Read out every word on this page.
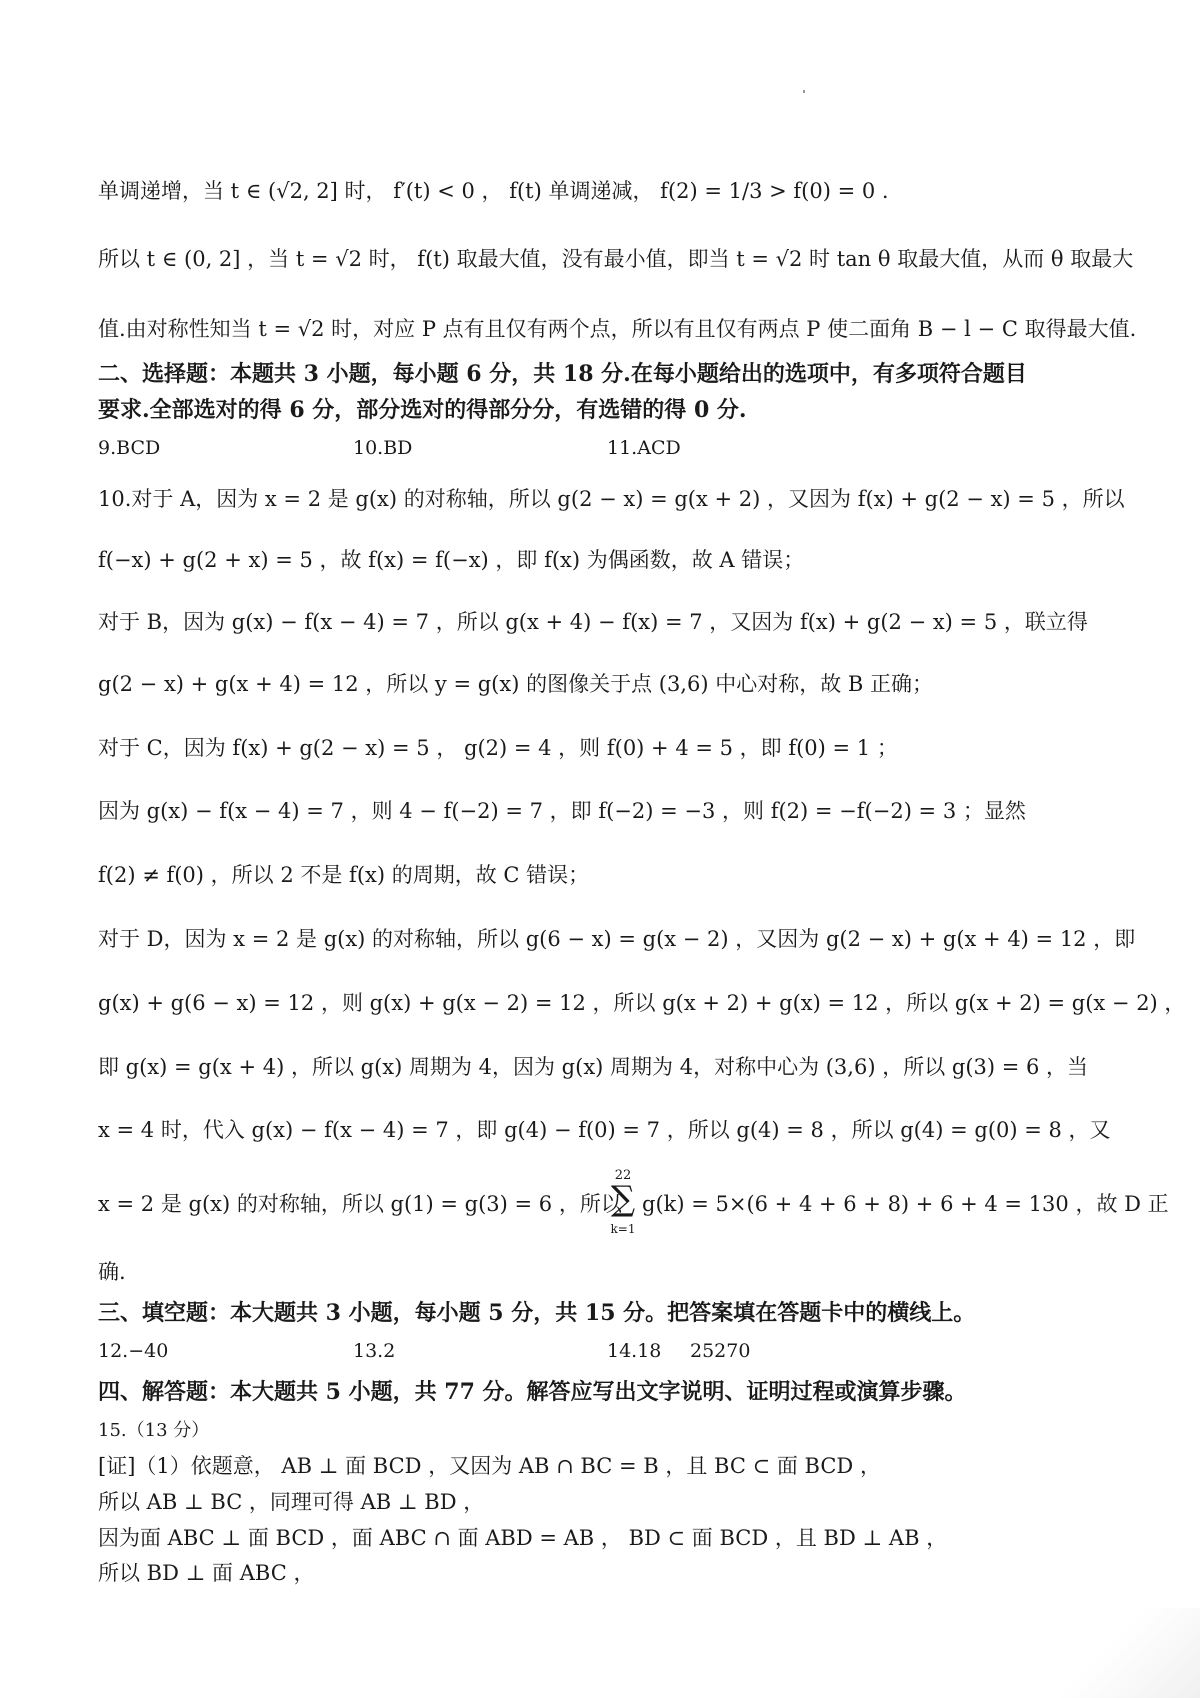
单调递增，当 t ∈ (√2, 2] 时， f′(t) < 0 ， f(t) 单调递减， f(2) = 1/3 > f(0) = 0 .
所以 t ∈ (0, 2] ，当 t = √2 时， f(t) 取最大值，没有最小值，即当 t = √2 时 tan θ 取最大值，从而 θ 取最大
值.由对称性知当 t = √2 时，对应 P 点有且仅有两个点，所以有且仅有两点 P 使二面角 B − l − C 取得最大值.
二、选择题：本题共 3 小题，每小题 6 分，共 18 分.在每小题给出的选项中，有多项符合题目
要求.全部选对的得 6 分，部分选对的得部分分，有选错的得 0 分.
9.BCD	10.BD	11.ACD
10.对于 A，因为 x = 2 是 g(x) 的对称轴，所以 g(2 − x) = g(x + 2) ，又因为 f(x) + g(2 − x) = 5 ，所以
f(−x) + g(2 + x) = 5 ，故 f(x) = f(−x) ，即 f(x) 为偶函数，故 A 错误；
对于 B，因为 g(x) − f(x − 4) = 7 ，所以 g(x + 4) − f(x) = 7 ，又因为 f(x) + g(2 − x) = 5 ，联立得
g(2 − x) + g(x + 4) = 12 ，所以 y = g(x) 的图像关于点 (3,6) 中心对称，故 B 正确；
对于 C，因为 f(x) + g(2 − x) = 5 ， g(2) = 4 ，则 f(0) + 4 = 5 ，即 f(0) = 1 ；
因为 g(x) − f(x − 4) = 7 ，则 4 − f(−2) = 7 ，即 f(−2) = −3 ，则 f(2) = −f(−2) = 3 ；显然
f(2) ≠ f(0) ，所以 2 不是 f(x) 的周期，故 C 错误；
对于 D，因为 x = 2 是 g(x) 的对称轴，所以 g(6 − x) = g(x − 2) ，又因为 g(2 − x) + g(x + 4) = 12 ，即
g(x) + g(6 − x) = 12 ，则 g(x) + g(x − 2) = 12 ，所以 g(x + 2) + g(x) = 12 ，所以 g(x + 2) = g(x − 2) ，
即 g(x) = g(x + 4) ，所以 g(x) 周期为 4，因为 g(x) 周期为 4，对称中心为 (3,6) ，所以 g(3) = 6 ，当
x = 4 时，代入 g(x) − f(x − 4) = 7 ，即 g(4) − f(0) = 7 ，所以 g(4) = 8 ，所以 g(4) = g(0) = 8 ，又
x = 2 是 g(x) 的对称轴，所以 g(1) = g(3) = 6 ，所以
22
∑
k=1
g(k) = 5×(6 + 4 + 6 + 8) + 6 + 4 = 130 ，故 D 正
确.
三、填空题：本大题共 3 小题，每小题 5 分，共 15 分。把答案填在答题卡中的横线上。
12.−40	13.2	14.18 25270
四、解答题：本大题共 5 小题，共 77 分。解答应写出文字说明、证明过程或演算步骤。
15.（13 分）
[证]（1）依题意， AB ⊥ 面 BCD ，又因为 AB ∩ BC = B ，且 BC ⊂ 面 BCD ，
所以 AB ⊥ BC ，同理可得 AB ⊥ BD ，
因为面 ABC ⊥ 面 BCD ，面 ABC ∩ 面 ABD = AB ， BD ⊂ 面 BCD ，且 BD ⊥ AB ，
所以 BD ⊥ 面 ABC ，
